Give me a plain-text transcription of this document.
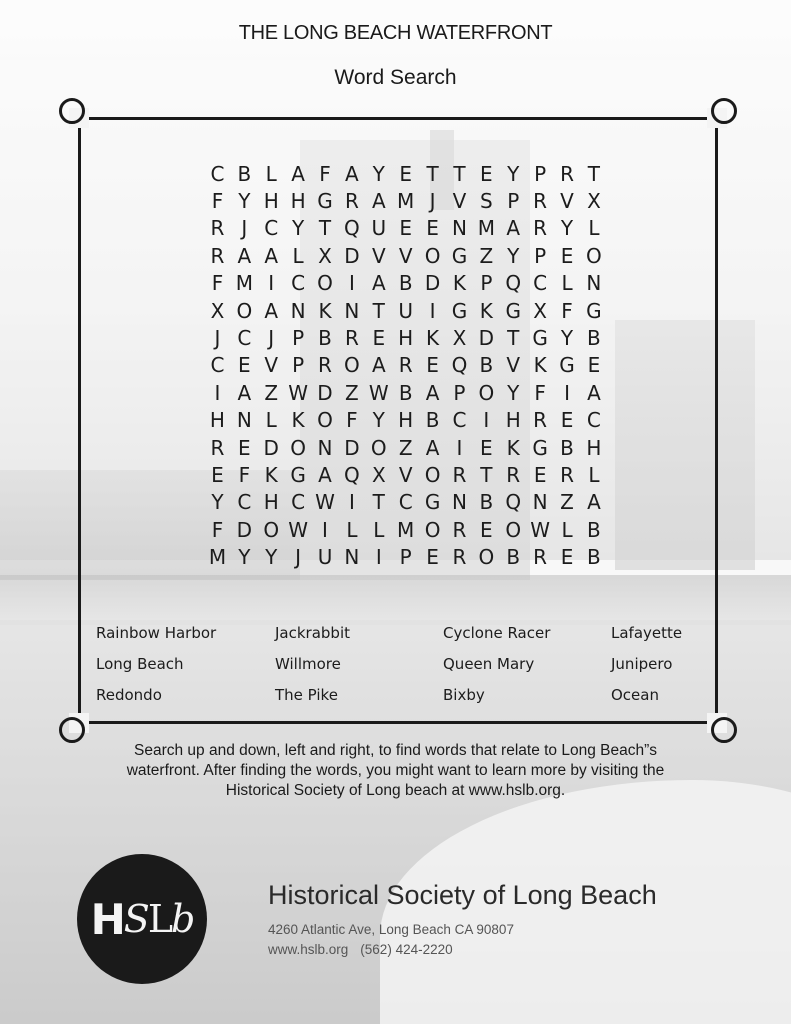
THE LONG BEACH WATERFRONT
Word Search
C B L A F A Y E T T E Y P R T
F Y H H G R A M J V S P R V X
R J C Y T Q U E E N M A R Y L
R A A L X D V V O G Z Y P E O
F M I C O I A B D K P Q C L N
X O A N K N T U I G K G X F G
J C J P B R E H K X D T G Y B
C E V P R O A R E Q B V K G E
I A Z W D Z W B A P O Y F I A
H N L K O F Y H B C I H R E C
R E D O N D O Z A I E K G B H
E F K G A Q X V O R T R E R L
Y C H C W I T C G N B Q N Z A
F D O W I L L M O R E O W L B
M Y Y J U N I P E R O B R E B
Rainbow Harbor
Long Beach
Redondo
Jackrabbit
Willmore
The Pike
Cyclone Racer
Queen Mary
Bixby
Lafayette
Junipero
Ocean
Search up and down, left and right, to find words that relate to Long Beach”s
waterfront. After finding the words, you might want to learn more by visiting the
Historical Society of Long beach at www.hslb.org.
H S L b
Historical Society of Long Beach
4260 Atlantic Ave, Long Beach CA 90807
www.hslb.org (562) 424-2220
